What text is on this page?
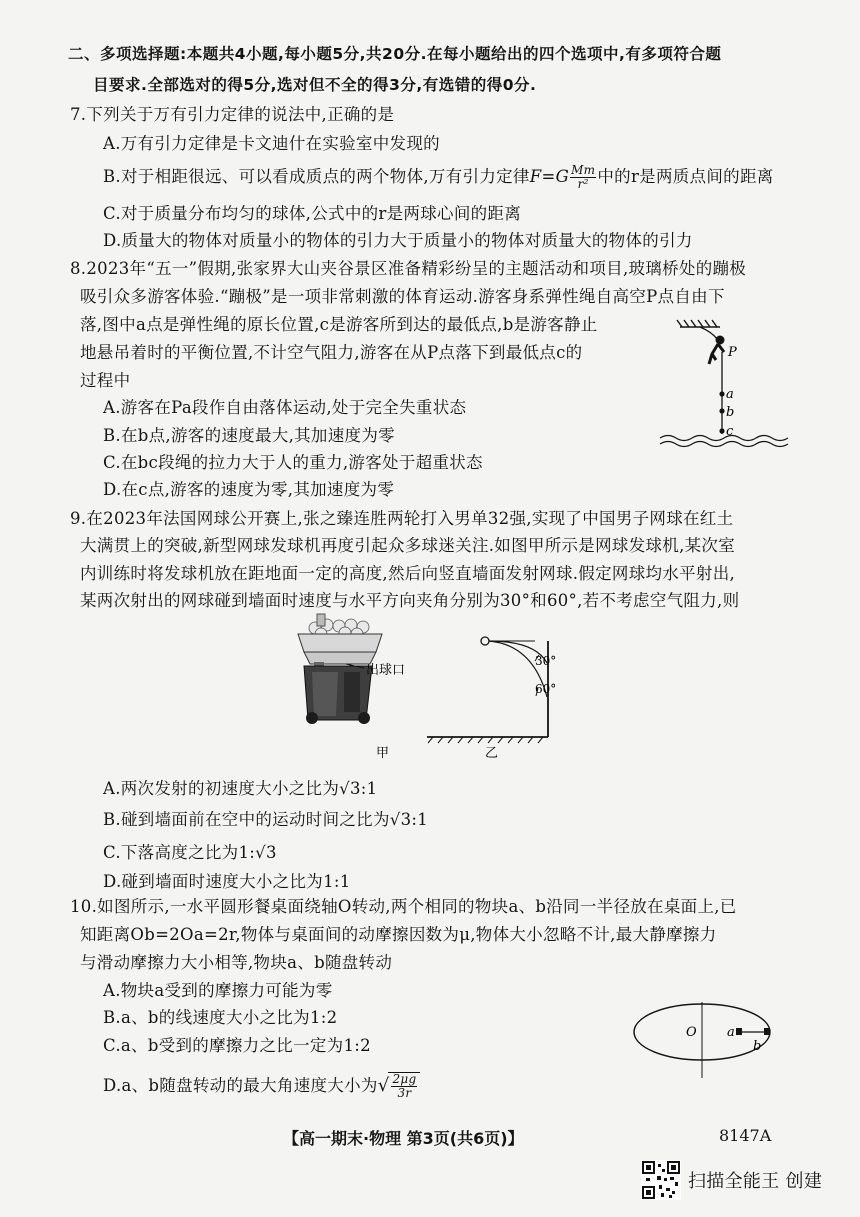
二、多项选择题:本题共4小题,每小题5分,共20分.在每小题给出的四个选项中,有多项符合题
目要求.全部选对的得5分,选对但不全的得3分,有选错的得0分.
7.下列关于万有引力定律的说法中,正确的是
A.万有引力定律是卡文迪什在实验室中发现的
B.对于相距很远、可以看成质点的两个物体,万有引力定律$F=G \frac{Mm}{\text{r²}}$ 中的r是两质点间的距离
C.对于质量分布均匀的球体,公式中的r是两球心间的距离
D.质量大的物体对质量小的物体的引力大于质量小的物体对质量大的物体的引力
8.2023年“五一”假期,张家界大山夹谷景区准备精彩纷呈的主题活动和项目,玻璃桥处的蹦极
吸引众多游客体验.“蹦极”是一项非常刺激的体育运动.游客身系弹性绳自高空P点自由下
落,图中a点是弹性绳的原长位置,c是游客所到达的最低点,b是游客静止
地悬吊着时的平衡位置,不计空气阻力,游客在从P点落下到最低点c的
过程中
A.游客在Pa段作自由落体运动,处于完全失重状态
B.在b点,游客的速度最大,其加速度为零
C.在bc段绳的拉力大于人的重力,游客处于超重状态
D.在c点,游客的速度为零,其加速度为零
P
a
b
c
9.在2023年法国网球公开赛上,张之臻连胜两轮打入男单32强,实现了中国男子网球在红土
大满贯上的突破,新型网球发球机再度引起众多球迷关注.如图甲所示是网球发球机,某次室
内训练时将发球机放在距地面一定的高度,然后向竖直墙面发射网球.假定网球均水平射出,
某两次射出的网球碰到墙面时速度与水平方向夹角分别为30°和60°,若不考虑空气阻力,则
出球口
甲
30°
60°
乙
A.两次发射的初速度大小之比为√3:1
B.碰到墙面前在空中的运动时间之比为√3:1
C.下落高度之比为1:√3
D.碰到墙面时速度大小之比为1:1
10.如图所示,一水平圆形餐桌面绕轴O转动,两个相同的物块a、b沿同一半径放在桌面上,已
知距离Ob=2Oa=2r,物体与桌面间的动摩擦因数为μ,物体大小忽略不计,最大静摩擦力
与滑动摩擦力大小相等,物块a、b随盘转动
A.物块a受到的摩擦力可能为零
B.a、b的线速度大小之比为1:2
C.a、b受到的摩擦力之比一定为1:2
D.a、b随盘转动的最大角速度大小为√ $\frac{2\mu g}{3r}$
O a
b
【高一期末·物理 第3页(共6页)】	8147A
扫描全能王 创建
